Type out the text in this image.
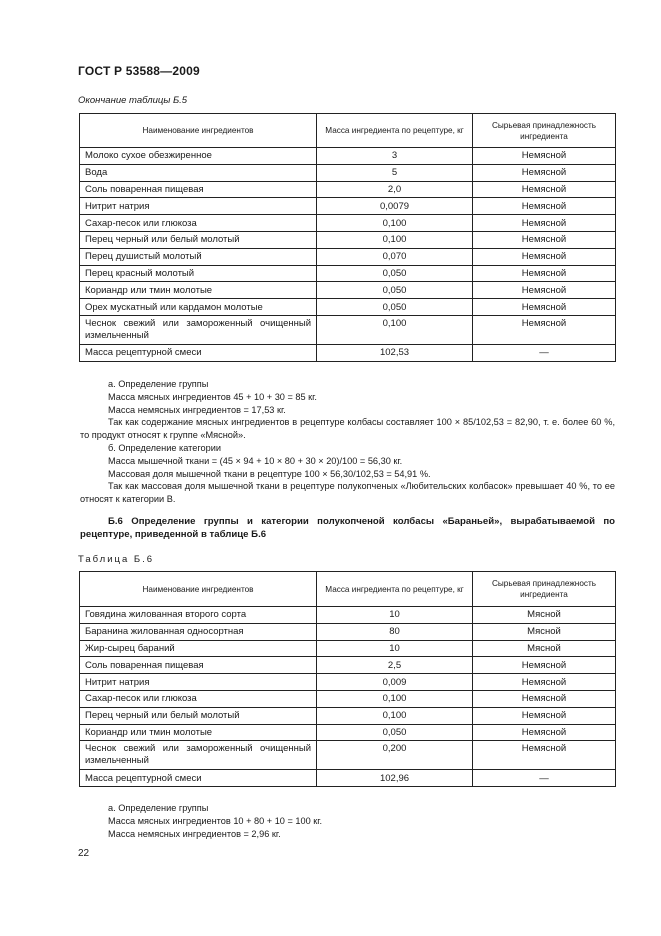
ГОСТ Р 53588—2009
Окончание таблицы Б.5
Наименование ингредиентов	Масса ингредиента по рецептуре, кг	Сырьевая принадлежность ингредиента
Молоко сухое обезжиренное	3	Немясной
Вода	5	Немясной
Соль поваренная пищевая	2,0	Немясной
Нитрит натрия	0,0079	Немясной
Сахар-песок или глюкоза	0,100	Немясной
Перец черный или белый молотый	0,100	Немясной
Перец душистый молотый	0,070	Немясной
Перец красный молотый	0,050	Немясной
Кориандр или тмин молотые	0,050	Немясной
Орех мускатный или кардамон молотые	0,050	Немясной
Чеснок свежий или замороженный очищенный измельченный	0,100	Немясной
Масса рецептурной смеси	102,53	—

а. Определение группы

Масса мясных ингредиентов 45 + 10 + 30 = 85 кг.

Масса немясных ингредиентов = 17,53 кг.

Так как содержание мясных ингредиентов в рецептуре колбасы составляет 100 × 85/102,53 = 82,90, т. е. более 60 %, то продукт относят к группе «Мясной».

б. Определение категории

Масса мышечной ткани = (45 × 94 + 10 × 80 + 30 × 20)/100 = 56,30 кг.

Массовая доля мышечной ткани в рецептуре 100 × 56,30/102,53 = 54,91 %.

Так как массовая доля мышечной ткани в рецептуре полукопченых «Любительских колбасок» превышает 40 %, то ее относят к категории В.

Б.6 Определение группы и категории полукопченой колбасы «Бараньей», вырабатываемой по рецептуре, приведенной в таблице Б.6
Таблица Б.6
Наименование ингредиентов	Масса ингредиента по рецептуре, кг	Сырьевая принадлежность ингредиента
Говядина жилованная второго сорта	10	Мясной
Баранина жилованная односортная	80	Мясной
Жир-сырец бараний	10	Мясной
Соль поваренная пищевая	2,5	Немясной
Нитрит натрия	0,009	Немясной
Сахар-песок или глюкоза	0,100	Немясной
Перец черный или белый молотый	0,100	Немясной
Кориандр или тмин молотые	0,050	Немясной
Чеснок свежий или замороженный очищенный измельченный	0,200	Немясной
Масса рецептурной смеси	102,96	—

а. Определение группы

Масса мясных ингредиентов 10 + 80 + 10 = 100 кг.

Масса немясных ингредиентов = 2,96 кг.

22
